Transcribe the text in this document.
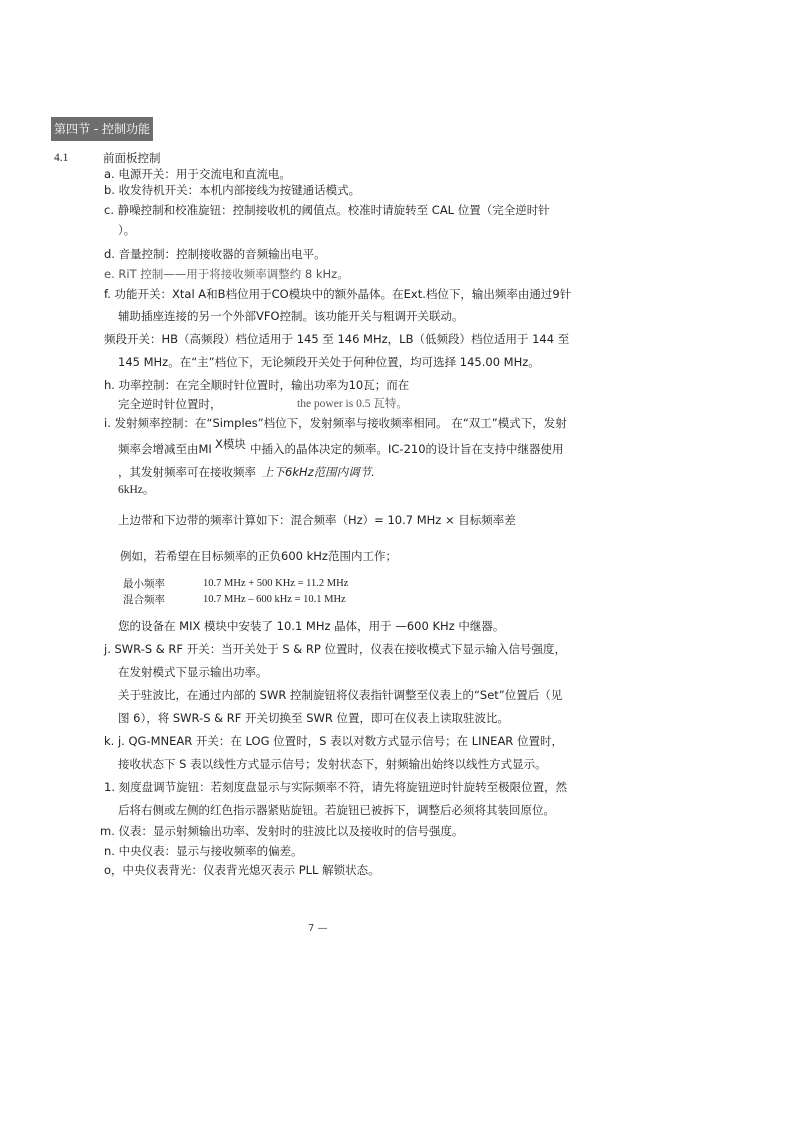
第四节 - 控制功能
4.1	前面板控制
a. 电源开关：用于交流电和直流电。
b. 收发待机开关：本机内部接线为按键通话模式。
c. 静噪控制和校准旋钮：控制接收机的阈值点。校准时请旋转至 CAL 位置（完全逆时针
）。
d. 音量控制：控制接收器的音频输出电平。
e. RiT 控制——用于将接收频率调整约 8 kHz。
f. 功能开关：Xtal A和B档位用于CO模块中的额外晶体。在Ext.档位下，输出频率由通过9针
辅助插座连接的另一个外部VFO控制。该功能开关与粗调开关联动。
频段开关：HB（高频段）档位适用于 145 至 146 MHz，LB（低频段）档位适用于 144 至
145 MHz。在“主”档位下，无论频段开关处于何种位置，均可选择 145.00 MHz。
h. 功率控制：在完全顺时针位置时，输出功率为10瓦；而在
完全逆时针位置时，	the power is 0.5 瓦特。
i. 发射频率控制：在“Simples”档位下，发射频率与接收频率相同。 在“双工”模式下，发射
频率会增减至由MI X模块 中插入的晶体决定的频率。IC-210的设计旨在支持中继器使用
，其发射频率可在接收频率 上下6kHz范围内调节.
6kHz。
上边带和下边带的频率计算如下：混合频率（Hz）= 10.7 MHz × 目标频率差
例如，若希望在目标频率的正负600 kHz范围内工作；
最小频率	10.7 MHz + 500 KHz = 11.2 MHz
混合频率	10.7 MHz – 600 kHz = 10.1 MHz
您的设备在 MIX 模块中安装了 10.1 MHz 晶体，用于 —600 KHz 中继器。
j. SWR-S & RF 开关：当开关处于 S & RP 位置时，仪表在接收模式下显示输入信号强度，
在发射模式下显示输出功率。
关于驻波比，在通过内部的 SWR 控制旋钮将仪表指针调整至仪表上的“Set”位置后（见
图 6），将 SWR-S & RF 开关切换至 SWR 位置，即可在仪表上读取驻波比。
k. j. QG-MNEAR 开关：在 LOG 位置时，S 表以对数方式显示信号；在 LINEAR 位置时，
接收状态下 S 表以线性方式显示信号；发射状态下，射频输出始终以线性方式显示。
1. 刻度盘调节旋钮：若刻度盘显示与实际频率不符，请先将旋钮逆时针旋转至极限位置，然
后将右侧或左侧的红色指示器紧贴旋钮。若旋钮已被拆下，调整后必须将其装回原位。
m. 仪表：显示射频输出功率、发射时的驻波比以及接收时的信号强度。
n. 中央仪表：显示与接收频率的偏差。
o，中央仪表背光：仪表背光熄灭表示 PLL 解锁状态。
7 —
